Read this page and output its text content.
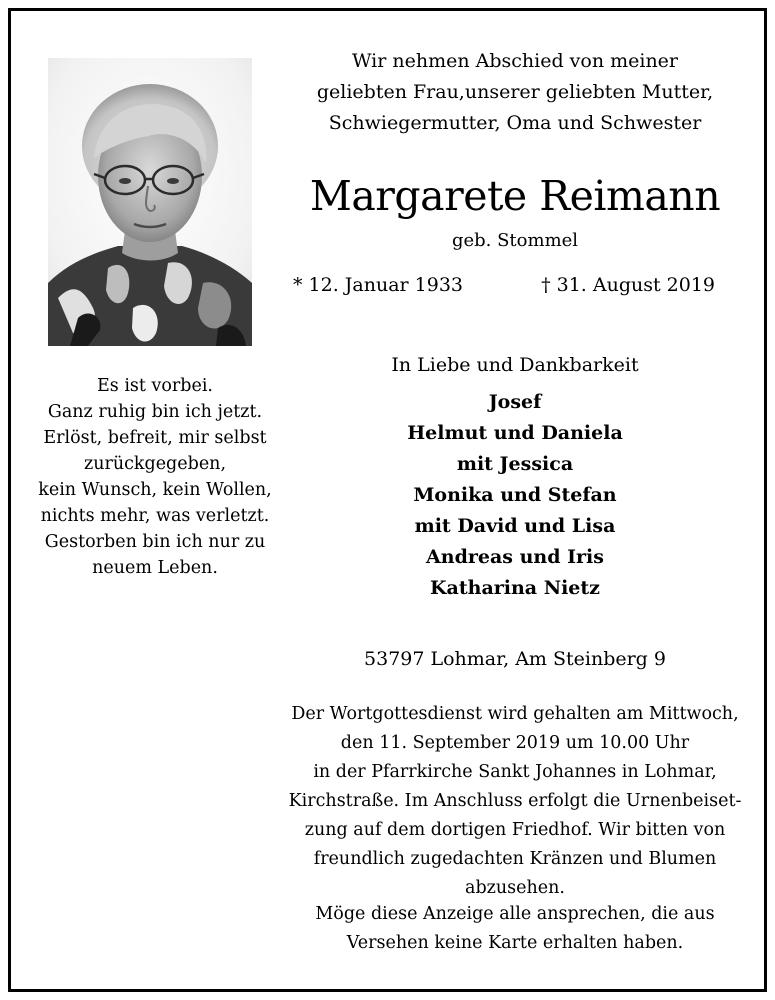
Wir nehmen Abschied von meiner
geliebten Frau,unserer geliebten Mutter,
Schwiegermutter, Oma und Schwester
Margarete Reimann
geb. Stommel
* 12. Januar 1933	† 31. August 2019
Es ist vorbei.
Ganz ruhig bin ich jetzt.
Erlöst, befreit, mir selbst
zurückgegeben,
kein Wunsch, kein Wollen,
nichts mehr, was verletzt.
Gestorben bin ich nur zu
neuem Leben.
In Liebe und Dankbarkeit
Josef
Helmut und Daniela
mit Jessica
Monika und Stefan
mit David und Lisa
Andreas und Iris
Katharina Nietz
53797 Lohmar, Am Steinberg 9
Der Wortgottesdienst wird gehalten am Mittwoch,
den 11. September 2019 um 10.00 Uhr
in der Pfarrkirche Sankt Johannes in Lohmar,
Kirchstraße. Im Anschluss erfolgt die Urnenbeiset-
zung auf dem dortigen Friedhof. Wir bitten von
freundlich zugedachten Kränzen und Blumen
abzusehen.
Möge diese Anzeige alle ansprechen, die aus
Versehen keine Karte erhalten haben.
